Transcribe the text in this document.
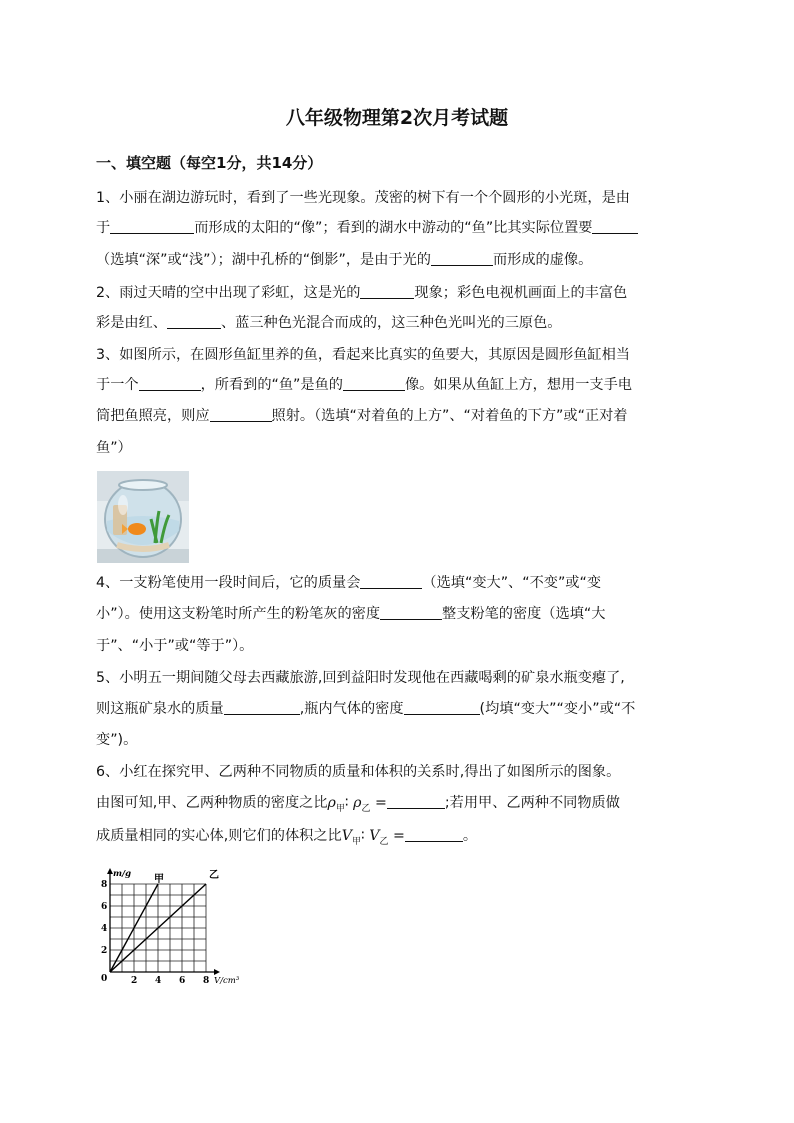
八年级物理第2次月考试题
一、填空题（每空1分，共14分）
1、小丽在湖边游玩时，看到了一些光现象。茂密的树下有一个个圆形的小光斑，是由
于	而形成的太阳的“像”；看到的湖水中游动的“鱼”比其实际位置要
（选填“深”或“浅”）；湖中孔桥的“倒影”，是由于光的	而形成的虚像。
2、雨过天晴的空中出现了彩虹，这是光的	现象；彩色电视机画面上的丰富色
彩是由红、	、蓝三种色光混合而成的，这三种色光叫光的三原色。
3、如图所示，在圆形鱼缸里养的鱼，看起来比真实的鱼要大，其原因是圆形鱼缸相当
于一个	，所看到的“鱼”是鱼的	像。如果从鱼缸上方，想用一支手电
筒把鱼照亮，则应	照射。（选填“对着鱼的上方”、“对着鱼的下方”或“正对着
鱼”）
4、一支粉笔使用一段时间后，它的质量会	（选填“变大”、“不变”或“变
小”）。使用这支粉笔时所产生的粉笔灰的密度	整支粉笔的密度（选填“大
于”、“小于”或“等于”）。
5、小明五一期间随父母去西藏旅游,回到益阳时发现他在西藏喝剩的矿泉水瓶变瘪了,
则这瓶矿泉水的质量	,瓶内气体的密度	(均填“变大”“变小”或“不
变”)。
6、小红在探究甲、乙两种不同物质的质量和体积的关系时,得出了如图所示的图象。
由图可知,甲、乙两种物质的密度之比$\rho_甲∶$ $\rho_乙$ =	;若用甲、乙两种不同物质做
成质量相同的实心体,则它们的体积之比$V_甲∶$ $V_乙$ =	。
甲	乙
2 4 6 8
0
2
4
6
8
V/cm³
m/g
